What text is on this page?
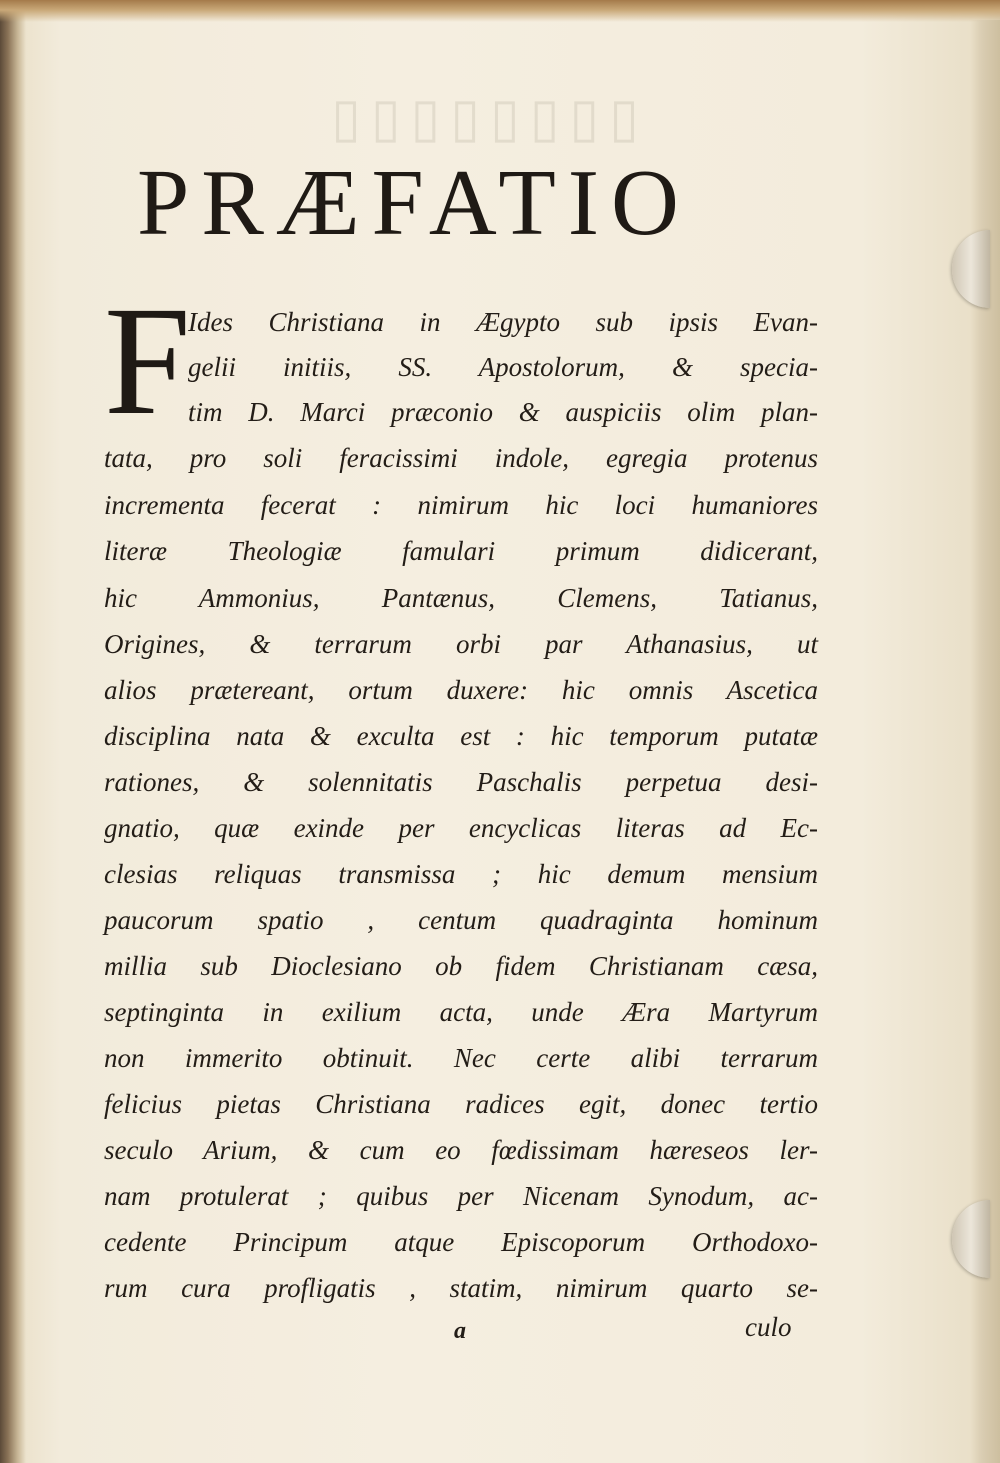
▯▯▯▯▯▯▯▯
PRÆFATIO

F

Ides Christiana in Ægypto sub ipsis Evan-

gelii initiis, SS. Apostolorum, & specia-

tim D. Marci præconio & auspiciis olim plan-

tata, pro soli feracissimi indole, egregia protenus

incrementa fecerat : nimirum hic loci humaniores

literæ Theologiæ famulari primum didicerant,

hic Ammonius, Pantænus, Clemens, Tatianus,

Origines, & terrarum orbi par Athanasius, ut

alios prætereant, ortum duxere: hic omnis Ascetica

disciplina nata & exculta est : hic temporum putatæ

rationes, & solennitatis Paschalis perpetua desi-

gnatio, quæ exinde per encyclicas literas ad Ec-

clesias reliquas transmissa ; hic demum mensium

paucorum spatio , centum quadraginta hominum

millia sub Dioclesiano ob fidem Christianam cæsa,

septinginta in exilium acta, unde Æra Martyrum

non immerito obtinuit. Nec certe alibi terrarum

felicius pietas Christiana radices egit, donec tertio

seculo Arium, & cum eo fœdissimam hæreseos ler-

nam protulerat ; quibus per Nicenam Synodum, ac-

cedente Principum atque Episcoporum Orthodoxo-

rum cura profligatis , statim, nimirum quarto se-

a	culo
